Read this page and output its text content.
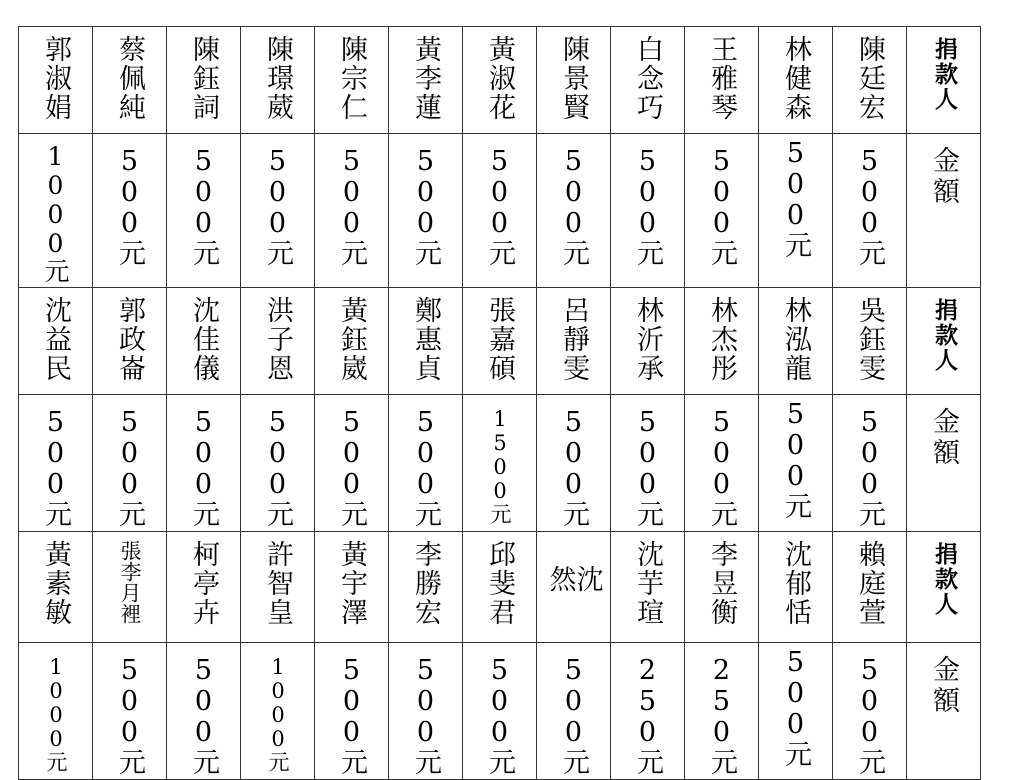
郭淑娟	蔡佩純	陳鈺詞	陳璟葳	陳宗仁	黃李蓮	黃淑花	陳景賢	白念巧	王雅琴	林健森	陳廷宏	捐款人
1000元	500元	500元	500元	500元	500元	500元	500元	500元	500元	500元	500元	金額
沈益民	郭政崙	沈佳儀	洪子恩	黃鈺崴	鄭惠貞	張嘉碩	呂靜雯	林沂承	林杰彤	林泓龍	吳鈺雯	捐款人
500元	500元	500元	500元	500元	500元	1500元	500元	500元	500元	500元	500元	金額
黃素敏	張李月裡	柯亭卉	許智皇	黃宇澤	李勝宏	邱斐君	沈 然	沈芋瑄	李昱衡	沈郁恬	賴庭萱	捐款人
1000元	500元	500元	1000元	500元	500元	500元	500元	250元	250元	500元	500元	金額
